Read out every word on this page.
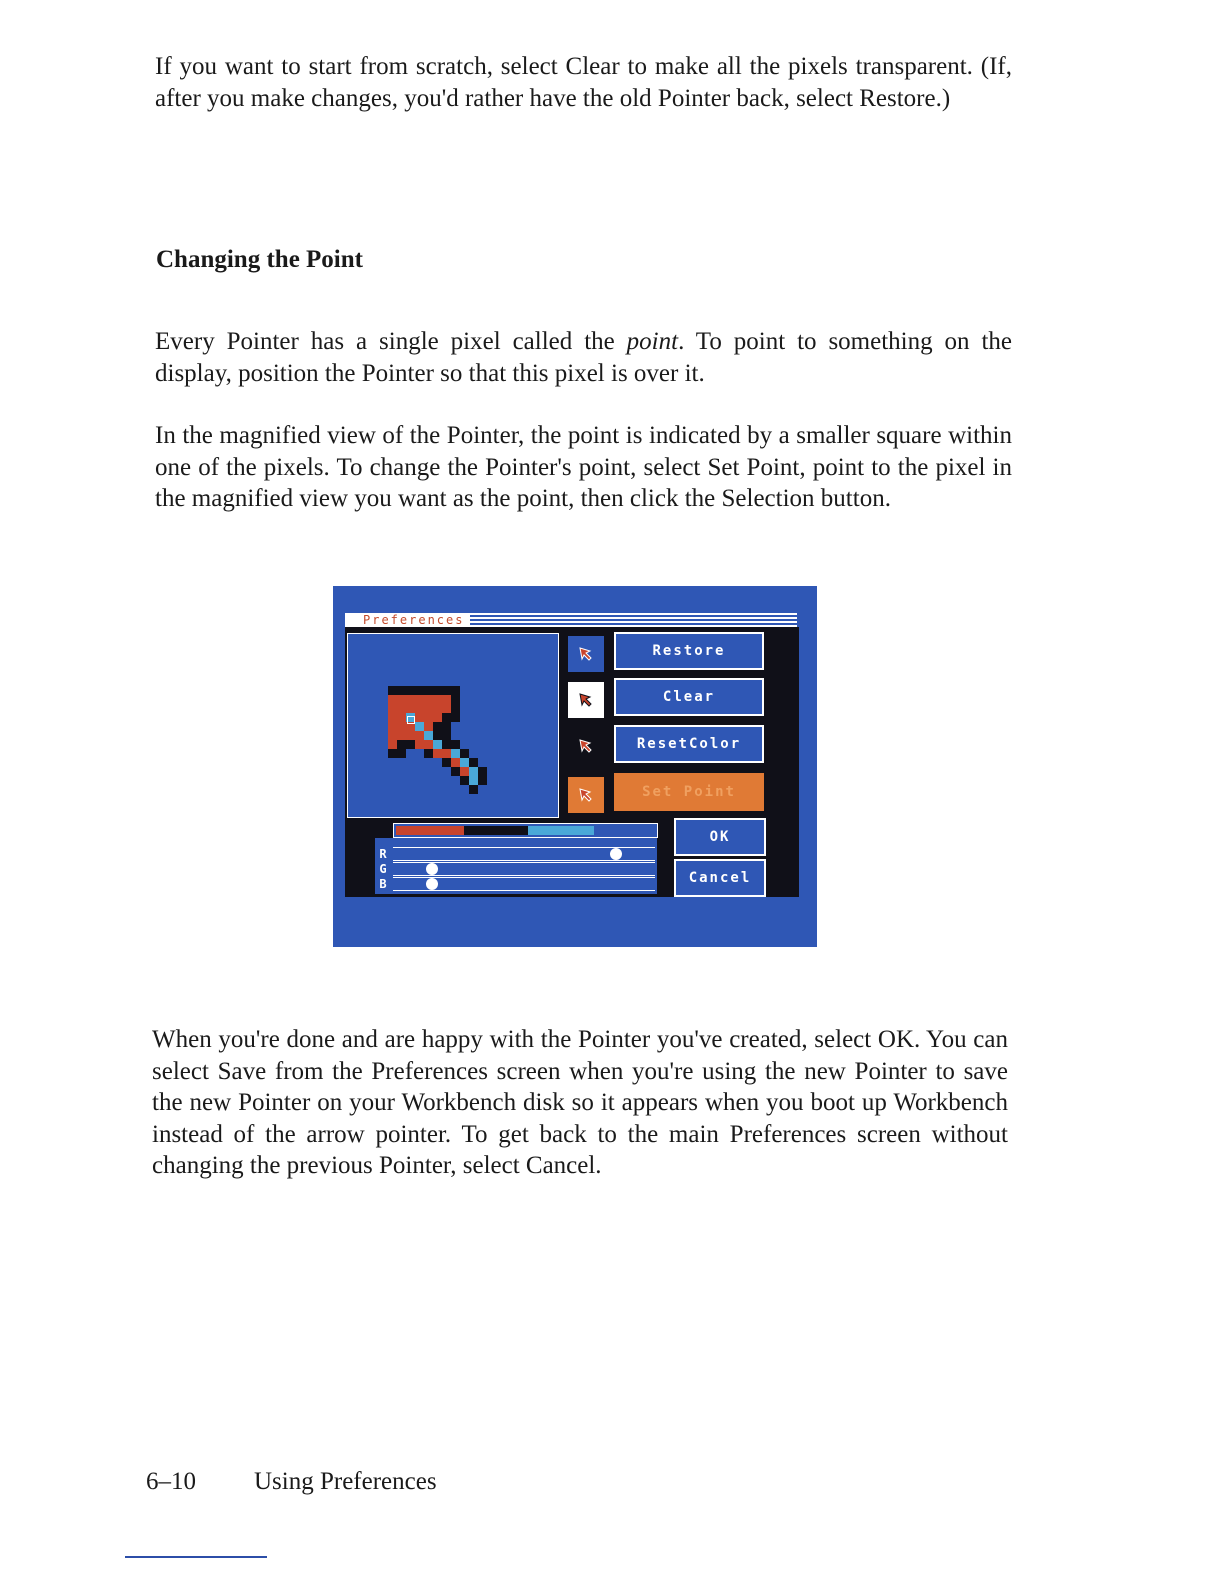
If you want to start from scratch, select Clear to make all the pixels transparent. (If, after you make changes, you'd rather have the old Pointer back, select Restore.)

Changing the Point

Every Pointer has a single pixel called the point. To point to something on the display, position the Pointer so that this pixel is over it.

In the magnified view of the Pointer, the point is indicated by a smaller square within one of the pixels. To change the Pointer's point, select Set Point, point to the pixel in the magnified view you want as the point, then click the Selection button.

Preferences
Restore
Clear
ResetColor
Set Point
OK
Cancel
R
G
B

When you're done and are happy with the Pointer you've created, select OK. You can select Save from the Preferences screen when you're using the new Pointer to save the new Pointer on your Workbench disk so it appears when you boot up Workbench instead of the arrow pointer. To get back to the main Preferences screen without changing the previous Pointer, select Cancel.

6–10 Using Preferences
